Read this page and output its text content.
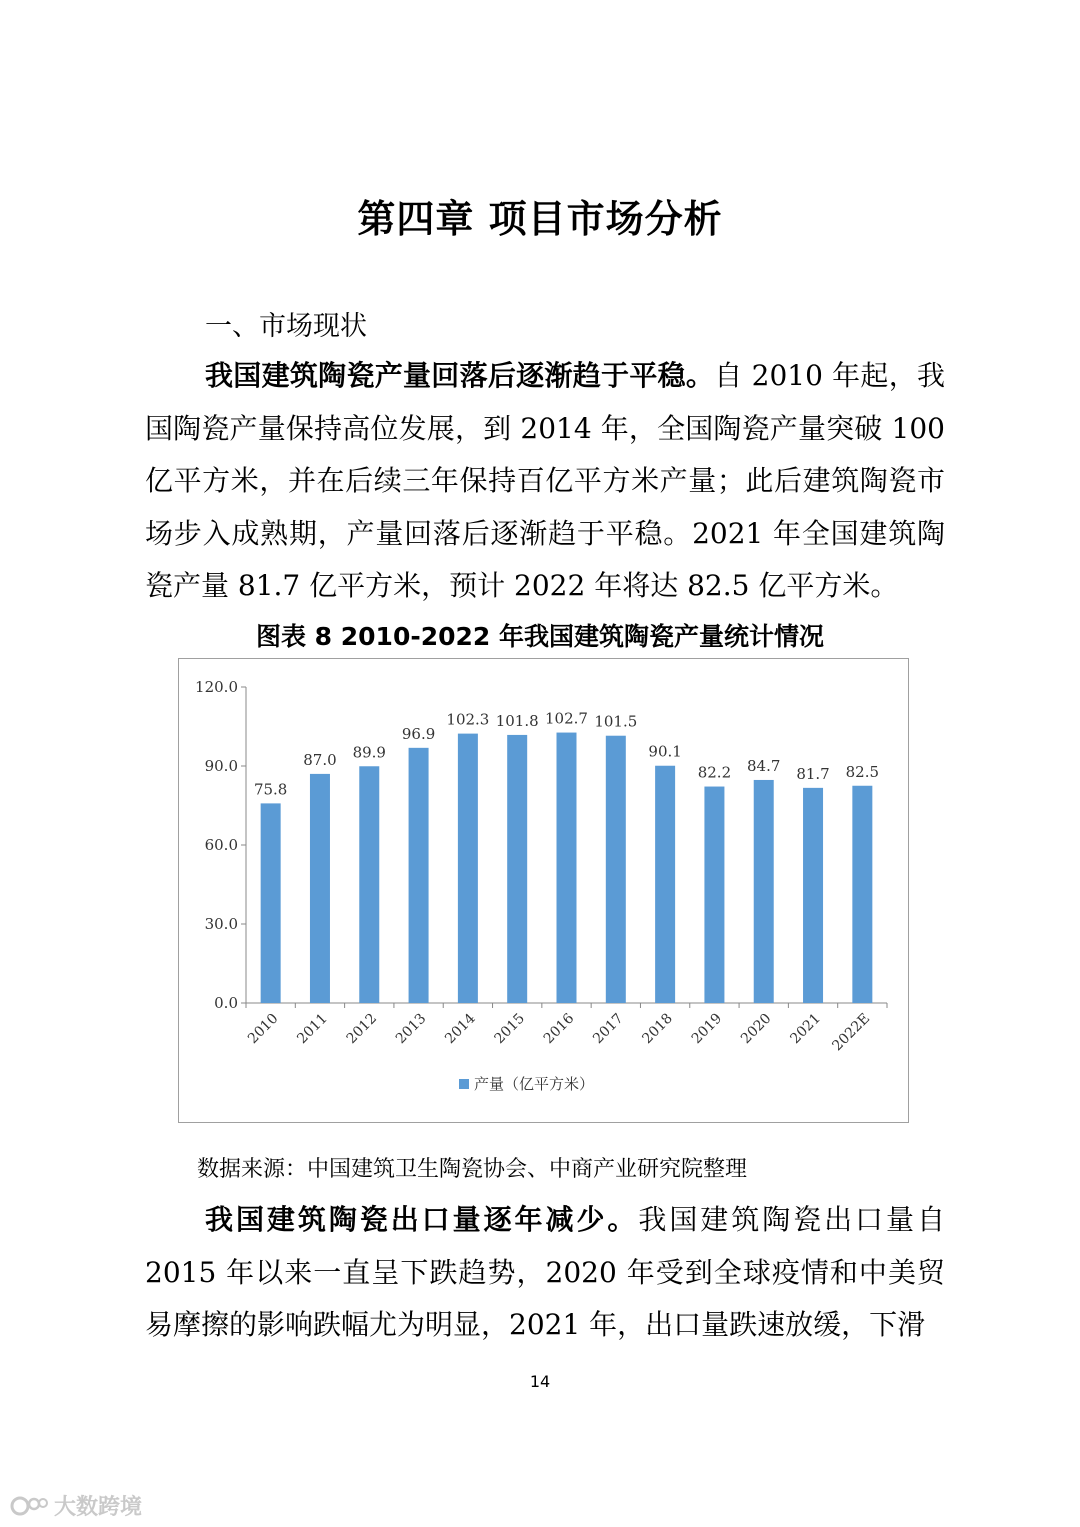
第四章 项目市场分析
一、市场现状

我国建筑陶瓷产量回落后逐渐趋于平稳。自 2010 年起，我国陶瓷产量保持高位发展，到 2014 年，全国陶瓷产量突破 100 亿平方米，并在后续三年保持百亿平方米产量；此后建筑陶瓷市场步入成熟期，产量回落后逐渐趋于平稳。2021 年全国建筑陶瓷产量 81.7 亿平方米，预计 2022 年将达 82.5 亿平方米。

图表 8 2010-2022 年我国建筑陶瓷产量统计情况
0.0
30.0
60.0
90.0
120.0
75.8
2010
87.0
2011
89.9
2012
96.9
2013
102.3
2014
101.8
2015
102.7
2016
101.5
2017
90.1
2018
82.2
2019
84.7
2020
81.7
2021
82.5
2022E
产量（亿平方米）
数据来源：中国建筑卫生陶瓷协会、中商产业研究院整理

我国建筑陶瓷出口量逐年减少。我国建筑陶瓷出口量自 2015 年以来一直呈下跌趋势，2020 年受到全球疫情和中美贸易摩擦的影响跌幅尤为明显，2021 年，出口量跌速放缓，下滑

14
大数跨境
